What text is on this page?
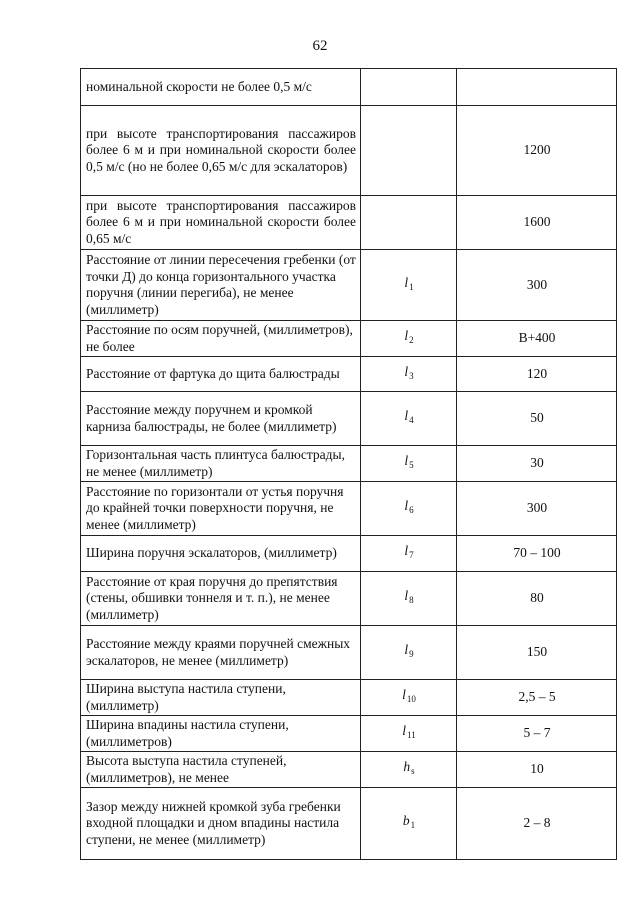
62
номинальной скорости не более 0,5 м/с		
при высоте транспортирования пассажиров более 6 м и при номинальной скорости более 0,5 м/с (но не более 0,65 м/с для эскалаторов)		1200
при высоте транспортирования пассажиров более 6 м и при номинальной скорости более 0,65 м/с		1600
Расстояние от линии пересечения гребенки (от точки Д) до конца горизонтального участка поручня (линии перегиба), не менее (миллиметр)	$l_1$	300
Расстояние по осям поручней, (миллиметров), не более	$l_2$	B+400
Расстояние от фартука до щита балюстрады	$l_3$	120
Расстояние между поручнем и кромкой карниза балюстрады, не более (миллиметр)	$l_4$	50
Горизонтальная часть плинтуса балюстрады, не менее (миллиметр)	$l_5$	30
Расстояние по горизонтали от устья поручня до крайней точки поверхности поручня, не менее (миллиметр)	$l_6$	300
Ширина поручня эскалаторов, (миллиметр)	$l_7$	70 – 100
Расстояние от края поручня до препятствия (стены, обшивки тоннеля и т. п.), не менее (миллиметр)	$l_8$	80
Расстояние между краями поручней смежных эскалаторов, не менее (миллиметр)	$l_9$	150
Ширина выступа настила ступени, (миллиметр)	$l_{10}$	2,5 – 5
Ширина впадины настила ступени, (миллиметров)	$l_{11}$	5 – 7
Высота выступа настила ступеней, (миллиметров), не менее	$h_s$	10
Зазор между нижней кромкой зуба гребенки входной площадки и дном впадины настила ступени, не менее (миллиметр)	$b_1$	2 – 8
